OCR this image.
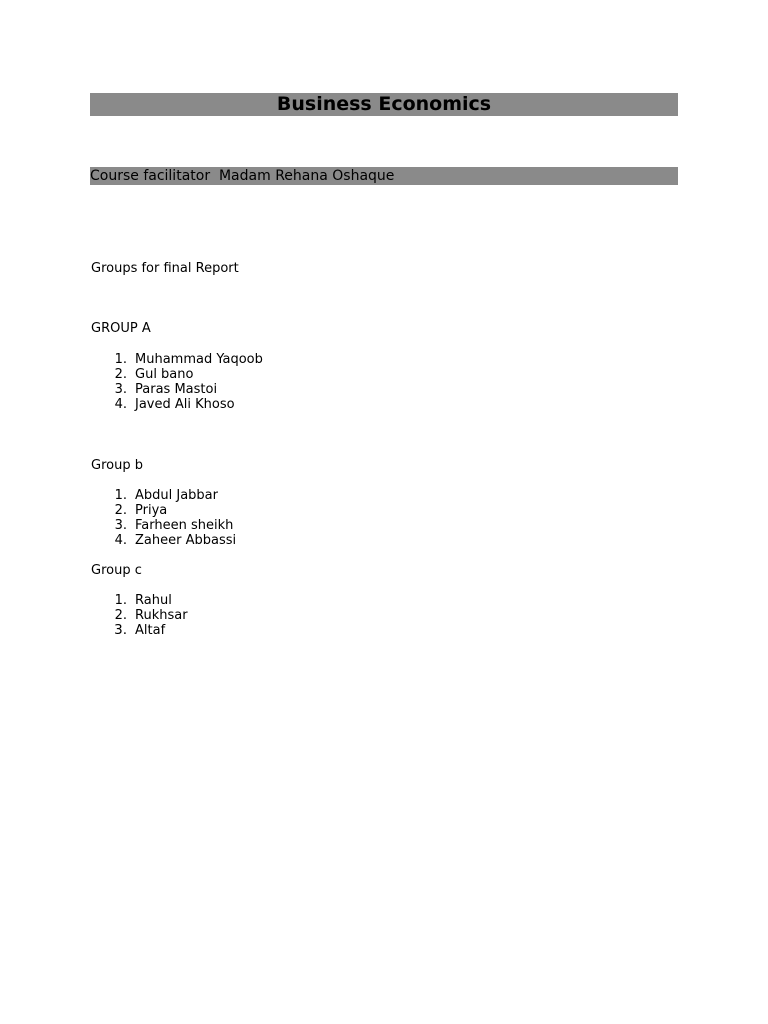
Business Economics
Course facilitator  Madam Rehana Oshaque
Groups for final Report
GROUP A
1. Muhammad Yaqoob
2. Gul bano
3. Paras Mastoi
4. Javed Ali Khoso
Group b
1. Abdul Jabbar
2. Priya
3. Farheen sheikh
4. Zaheer Abbassi
Group c
1. Rahul
2. Rukhsar
3. Altaf
